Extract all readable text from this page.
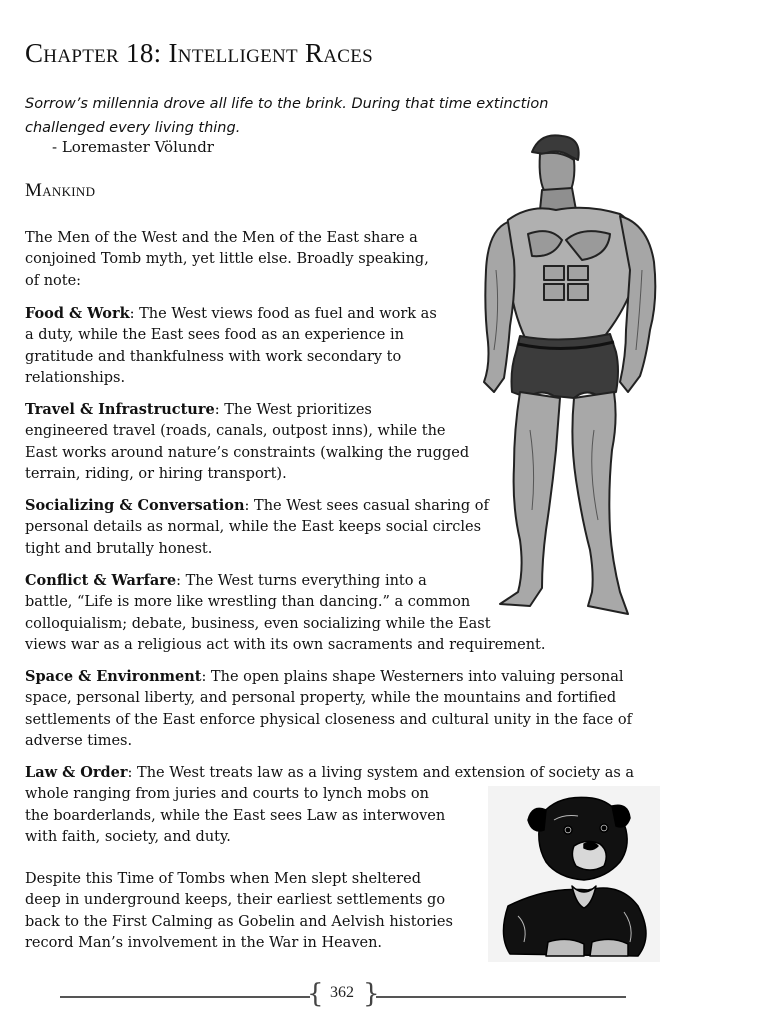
Chapter 18: Intelligent Races
Sorrow’s millennia drove all life to the brink. During that time extinction
challenged every living thing.
- Loremaster Völundr
Mankind

The Men of the West and the Men of the East share a
conjoined Tomb myth, yet little else. Broadly speaking,
of note:

Food & Work: The West views food as fuel and work as
a duty, while the East sees food as an experience in
gratitude and thankfulness with work secondary to
relationships.

Travel & Infrastructure: The West prioritizes
engineered travel (roads, canals, outpost inns), while the
East works around nature’s constraints (walking the rugged
terrain, riding, or hiring transport).

Socializing & Conversation: The West sees casual sharing of
personal details as normal, while the East keeps social circles
tight and brutally honest.

Conflict & Warfare: The West turns everything into a
battle, “Life is more like wrestling than dancing.” a common
colloquialism; debate, business, even socializing while the East
views war as a religious act with its own sacraments and requirement.

Space & Environment: The open plains shape Westerners into valuing personal
space, personal liberty, and personal property, while the mountains and fortified
settlements of the East enforce physical closeness and cultural unity in the face of
adverse times.

Law & Order: The West treats law as a living system and extension of society as a
whole ranging from juries and courts to lynch mobs on
the boarderlands, while the East sees Law as interwoven
with faith, society, and duty.

Despite this Time of Tombs when Men slept sheltered
deep in underground keeps, their earliest settlements go
back to the First Calming as Gobelin and Aelvish histories
record Man’s involvement in the War in Heaven.

{ }
362
